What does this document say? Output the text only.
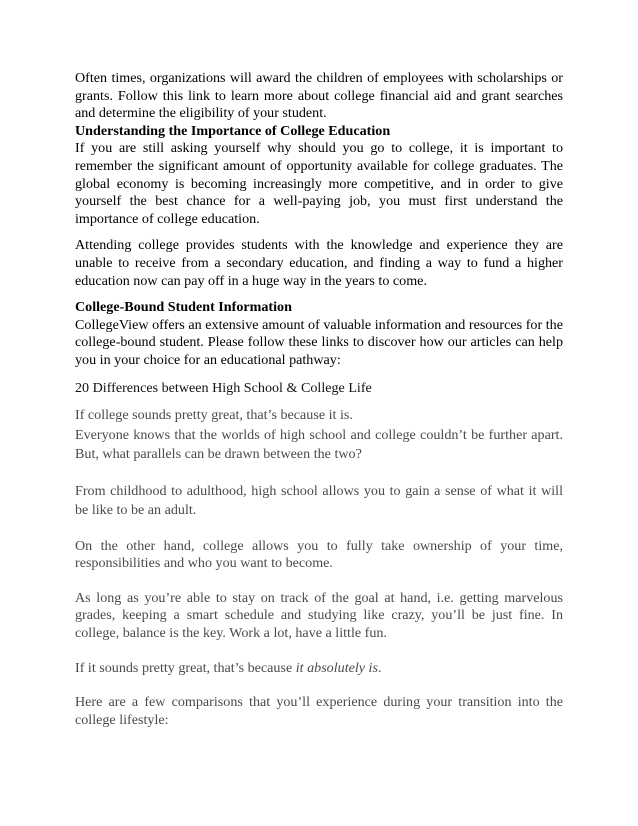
Often times, organizations will award the children of employees with scholarships or grants. Follow this link to learn more about college financial aid and grant searches and determine the eligibility of your student.

Understanding the Importance of College Education

If you are still asking yourself why should you go to college, it is important to remember the significant amount of opportunity available for college graduates. The global economy is becoming increasingly more competitive, and in order to give yourself the best chance for a well-paying job, you must first understand the importance of college education.

Attending college provides students with the knowledge and experience they are unable to receive from a secondary education, and finding a way to fund a higher education now can pay off in a huge way in the years to come.

College-Bound Student Information

CollegeView offers an extensive amount of valuable information and resources for the college-bound student. Please follow these links to discover how our articles can help you in your choice for an educational pathway:

20 Differences between High School & College Life

If college sounds pretty great, that’s because it is.

Everyone knows that the worlds of high school and college couldn’t be further apart. But, what parallels can be drawn between the two?

From childhood to adulthood, high school allows you to gain a sense of what it will be like to be an adult.

On the other hand, college allows you to fully take ownership of your time, responsibilities and who you want to become.

As long as you’re able to stay on track of the goal at hand, i.e. getting marvelous grades, keeping a smart schedule and studying like crazy, you’ll be just fine. In college, balance is the key. Work a lot, have a little fun.

If it sounds pretty great, that’s because it absolutely is.

Here are a few comparisons that you’ll experience during your transition into the college lifestyle:
